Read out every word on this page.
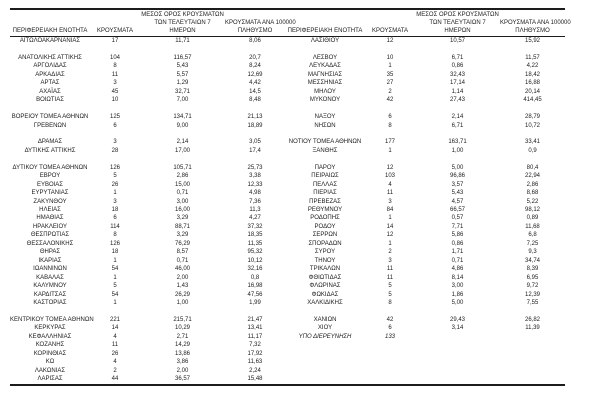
ΠΕΡΙΦΕΡΕΙΑΚΗ ΕΝΟΤΗΤΑ	ΚΡΟΥΣΜΑΤΑ	ΜΕΣΟΣ ΟΡΟΣ ΚΡΟΥΣΜΑΤΩΝ
ΤΩΝ ΤΕΛΕΥΤΑΙΩΝ 7
ΗΜΕΡΩΝ	ΚΡΟΥΣΜΑΤΑ ΑΝΑ 100000
ΠΛΗΘΥΣΜΟ	ΠΕΡΙΦΕΡΕΙΑΚΗ ΕΝΟΤΗΤΑ	ΚΡΟΥΣΜΑΤΑ	ΜΕΣΟΣ ΟΡΟΣ ΚΡΟΥΣΜΑΤΩΝ
ΤΩΝ ΤΕΛΕΥΤΑΙΩΝ 7
ΗΜΕΡΩΝ	ΚΡΟΥΣΜΑΤΑ ΑΝΑ 100000
ΠΛΗΘΥΣΜΟ

ΑΙΤΩΛΟΑΚΑΡΝΑΝΙΑΣ	17	11,71	8,06	ΛΑΣΙΘΙΟΥ	12	10,57	15,92

ΑΝΑΤΟΛΙΚΗΣ ΑΤΤΙΚΗΣ	104	116,57	20,7	ΛΕΣΒΟΥ	10	6,71	11,57
ΑΡΓΟΛΙΔΑΣ	8	5,43	8,24	ΛΕΥΚΑΔΑΣ	1	0,86	4,22
ΑΡΚΑΔΙΑΣ	11	5,57	12,69	ΜΑΓΝΗΣΙΑΣ	35	32,43	18,42
ΑΡΤΑΣ	3	1,29	4,42	ΜΕΣΣΗΝΙΑΣ	27	17,14	16,88
ΑΧΑΪΑΣ	45	32,71	14,5	ΜΗΛΟΥ	2	1,14	20,14
ΒΟΙΩΤΙΑΣ	10	7,00	8,48	ΜΥΚΟΝΟΥ	42	27,43	414,45

ΒΟΡΕΙΟΥ ΤΟΜΕΑ ΑΘΗΝΩΝ	125	134,71	21,13	ΝΑΞΟΥ	6	2,14	28,79
ΓΡΕΒΕΝΩΝ	6	9,00	18,89	ΝΗΣΩΝ	8	6,71	10,72

ΔΡΑΜΑΣ	3	2,14	3,05	ΝΟΤΙΟΥ ΤΟΜΕΑ ΑΘΗΝΩΝ	177	163,71	33,41
ΔΥΤΙΚΗΣ ΑΤΤΙΚΗΣ	28	17,00	17,4	ΞΑΝΘΗΣ	1	1,00	0,9

ΔΥΤΙΚΟΥ ΤΟΜΕΑ ΑΘΗΝΩΝ	126	105,71	25,73	ΠΑΡΟΥ	12	5,00	80,4
ΕΒΡΟΥ	5	2,86	3,38	ΠΕΙΡΑΙΩΣ	103	96,86	22,94
ΕΥΒΟΙΑΣ	26	15,00	12,33	ΠΕΛΛΑΣ	4	3,57	2,86
ΕΥΡΥΤΑΝΙΑΣ	1	0,71	4,98	ΠΙΕΡΙΑΣ	11	5,43	8,68
ΖΑΚΥΝΘΟΥ	3	3,00	7,36	ΠΡΕΒΕΖΑΣ	3	4,57	5,22
ΗΛΕΙΑΣ	18	16,00	11,3	ΡΕΘΥΜΝΟΥ	84	66,57	98,12
ΗΜΑΘΙΑΣ	6	3,29	4,27	ΡΟΔΟΠΗΣ	1	0,57	0,89
ΗΡΑΚΛΕΙΟΥ	114	88,71	37,32	ΡΟΔΟΥ	14	7,71	11,68
ΘΕΣΠΡΩΤΙΑΣ	8	3,29	18,35	ΣΕΡΡΩΝ	12	5,86	6,8
ΘΕΣΣΑΛΟΝΙΚΗΣ	126	76,29	11,35	ΣΠΟΡΑΔΩΝ	1	0,86	7,25
ΘΗΡΑΣ	18	8,57	95,32	ΣΥΡΟΥ	2	1,71	9,3
ΙΚΑΡΙΑΣ	1	0,71	10,12	ΤΗΝΟΥ	3	0,71	34,74
ΙΩΑΝΝΙΝΩΝ	54	46,00	32,16	ΤΡΙΚΑΛΩΝ	11	4,86	8,39
ΚΑΒΑΛΑΣ	1	2,00	0,8	ΦΘΙΩΤΙΔΑΣ	11	8,14	6,95
ΚΑΛΥΜΝΟΥ	5	1,43	16,98	ΦΛΩΡΙΝΑΣ	5	3,00	9,72
ΚΑΡΔΙΤΣΑΣ	54	26,29	47,56	ΦΩΚΙΔΑΣ	5	1,86	12,39
ΚΑΣΤΟΡΙΑΣ	1	1,00	1,99	ΧΑΛΚΙΔΙΚΗΣ	8	5,00	7,55

ΚΕΝΤΡΙΚΟΥ ΤΟΜΕΑ ΑΘΗΝΩΝ	221	215,71	21,47	ΧΑΝΙΩΝ	42	29,43	26,82
ΚΕΡΚΥΡΑΣ	14	10,29	13,41	ΧΙΟΥ	6	3,14	11,39
ΚΕΦΑΛΛΗΝΙΑΣ	4	2,71	11,17	ΥΠΟ ΔΙΕΡΕΥΝΗΣΗ	133		
ΚΟΖΑΝΗΣ	11	14,29	7,32				
ΚΟΡΙΝΘΙΑΣ	26	13,86	17,92				
ΚΩ	4	3,86	11,63				
ΛΑΚΩΝΙΑΣ	2	2,00	2,24				
ΛΑΡΙΣΑΣ	44	36,57	15,48				
